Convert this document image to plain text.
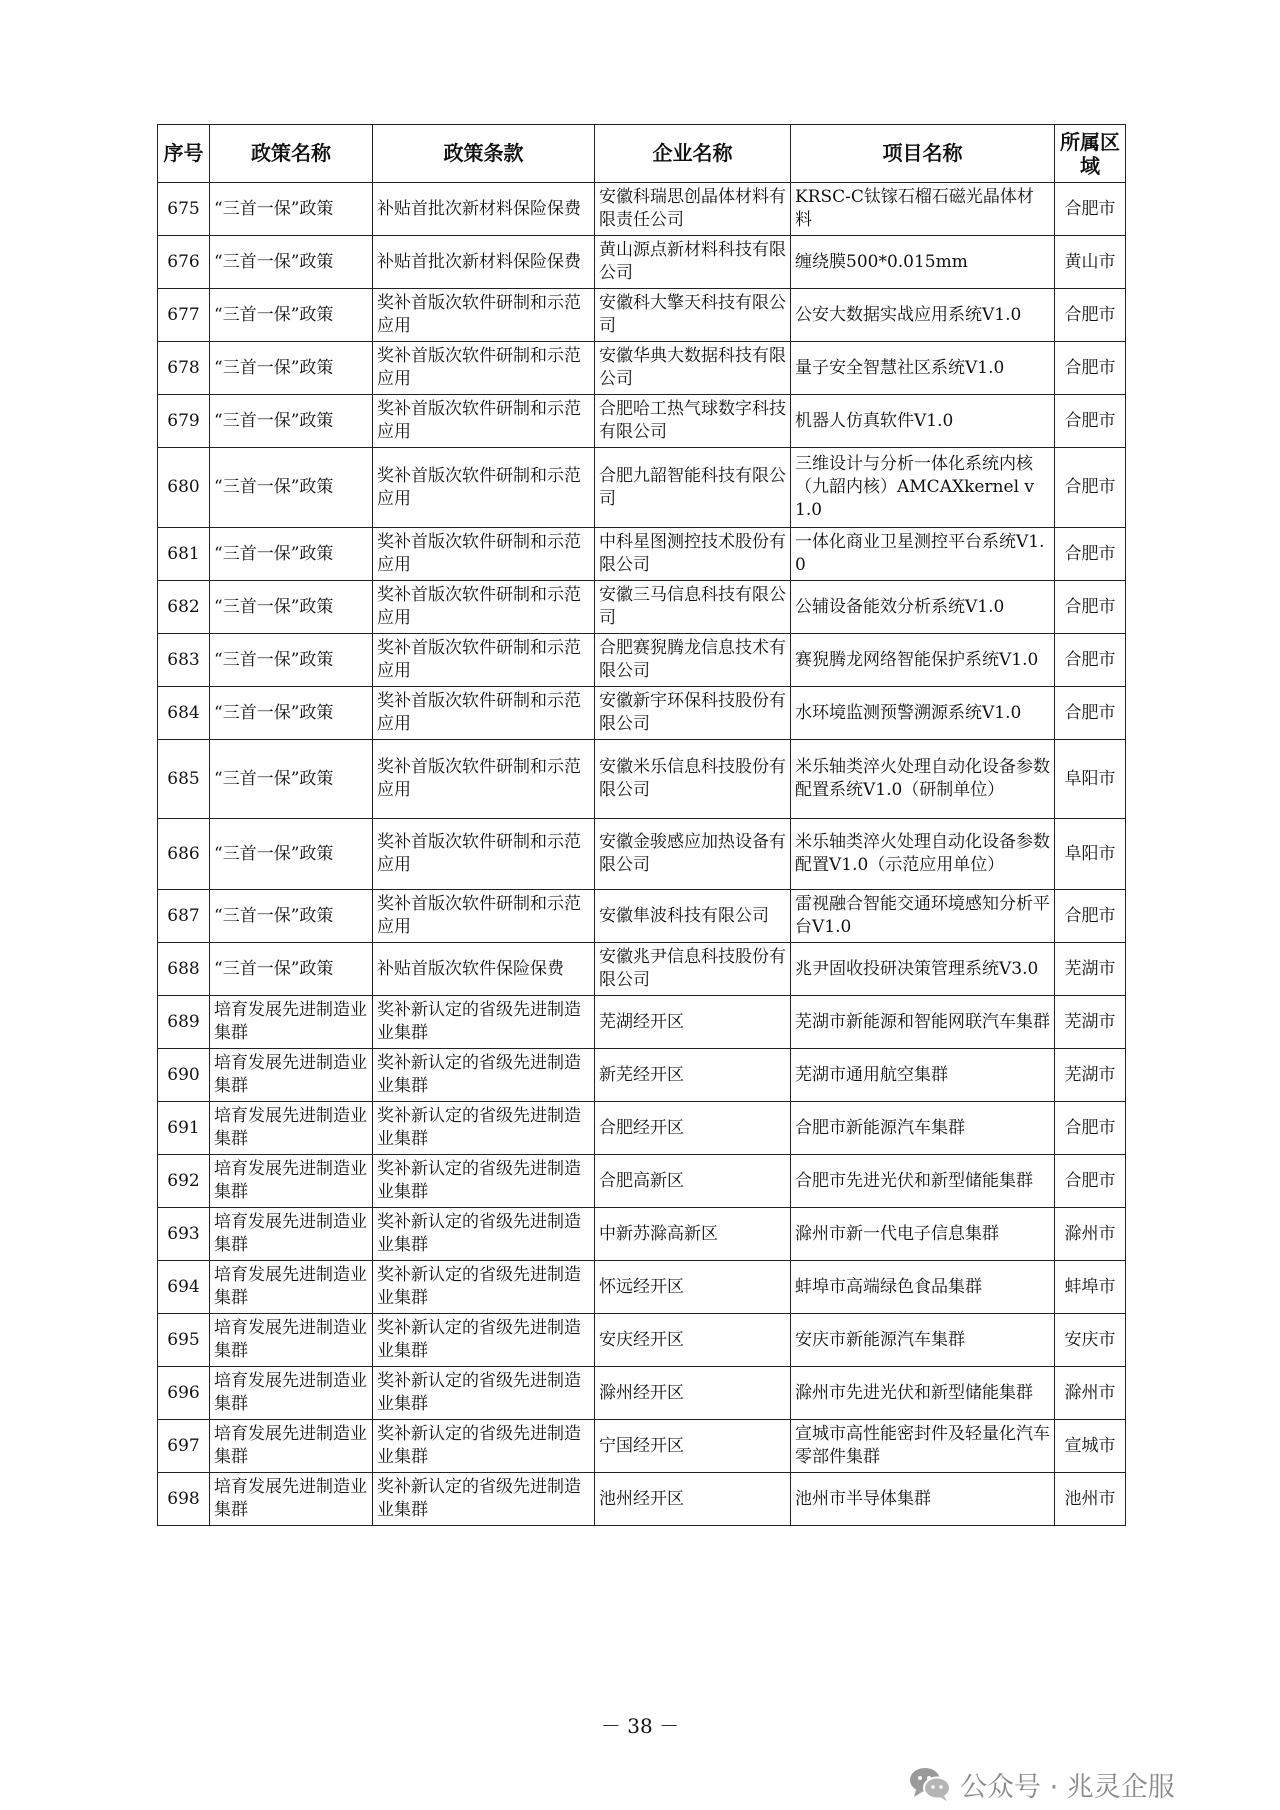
序号	政策名称	政策条款	企业名称	项目名称	所属区域
675	“三首一保”政策	补贴首批次新材料保险保费	安徽科瑞思创晶体材料有限责任公司	KRSC-C钛镓石榴石磁光晶体材料	合肥市
676	“三首一保”政策	补贴首批次新材料保险保费	黄山源点新材料科技有限公司	缠绕膜500*0.015mm	黄山市
677	“三首一保”政策	奖补首版次软件研制和示范应用	安徽科大擎天科技有限公司	公安大数据实战应用系统V1.0	合肥市
678	“三首一保”政策	奖补首版次软件研制和示范应用	安徽华典大数据科技有限公司	量子安全智慧社区系统V1.0	合肥市
679	“三首一保”政策	奖补首版次软件研制和示范应用	合肥哈工热气球数字科技有限公司	机器人仿真软件V1.0	合肥市
680	“三首一保”政策	奖补首版次软件研制和示范应用	合肥九韶智能科技有限公司	三维设计与分析一体化系统内核（九韶内核）AMCAXkernel v1.0	合肥市
681	“三首一保”政策	奖补首版次软件研制和示范应用	中科星图测控技术股份有限公司	一体化商业卫星测控平台系统V1.0	合肥市
682	“三首一保”政策	奖补首版次软件研制和示范应用	安徽三马信息科技有限公司	公辅设备能效分析系统V1.0	合肥市
683	“三首一保”政策	奖补首版次软件研制和示范应用	合肥赛猊腾龙信息技术有限公司	赛猊腾龙网络智能保护系统V1.0	合肥市
684	“三首一保”政策	奖补首版次软件研制和示范应用	安徽新宇环保科技股份有限公司	水环境监测预警溯源系统V1.0	合肥市
685	“三首一保”政策	奖补首版次软件研制和示范应用	安徽米乐信息科技股份有限公司	米乐轴类淬火处理自动化设备参数配置系统V1.0（研制单位）	阜阳市
686	“三首一保”政策	奖补首版次软件研制和示范应用	安徽金骏感应加热设备有限公司	米乐轴类淬火处理自动化设备参数配置V1.0（示范应用单位）	阜阳市
687	“三首一保”政策	奖补首版次软件研制和示范应用	安徽隼波科技有限公司	雷视融合智能交通环境感知分析平台V1.0	合肥市
688	“三首一保”政策	补贴首版次软件保险保费	安徽兆尹信息科技股份有限公司	兆尹固收投研决策管理系统V3.0	芜湖市
689	培育发展先进制造业集群	奖补新认定的省级先进制造业集群	芜湖经开区	芜湖市新能源和智能网联汽车集群	芜湖市
690	培育发展先进制造业集群	奖补新认定的省级先进制造业集群	新芜经开区	芜湖市通用航空集群	芜湖市
691	培育发展先进制造业集群	奖补新认定的省级先进制造业集群	合肥经开区	合肥市新能源汽车集群	合肥市
692	培育发展先进制造业集群	奖补新认定的省级先进制造业集群	合肥高新区	合肥市先进光伏和新型储能集群	合肥市
693	培育发展先进制造业集群	奖补新认定的省级先进制造业集群	中新苏滁高新区	滁州市新一代电子信息集群	滁州市
694	培育发展先进制造业集群	奖补新认定的省级先进制造业集群	怀远经开区	蚌埠市高端绿色食品集群	蚌埠市
695	培育发展先进制造业集群	奖补新认定的省级先进制造业集群	安庆经开区	安庆市新能源汽车集群	安庆市
696	培育发展先进制造业集群	奖补新认定的省级先进制造业集群	滁州经开区	滁州市先进光伏和新型储能集群	滁州市
697	培育发展先进制造业集群	奖补新认定的省级先进制造业集群	宁国经开区	宣城市高性能密封件及轻量化汽车零部件集群	宣城市
698	培育发展先进制造业集群	奖补新认定的省级先进制造业集群	池州经开区	池州市半导体集群	池州市
－ 38 －
公众号 · 兆灵企服
